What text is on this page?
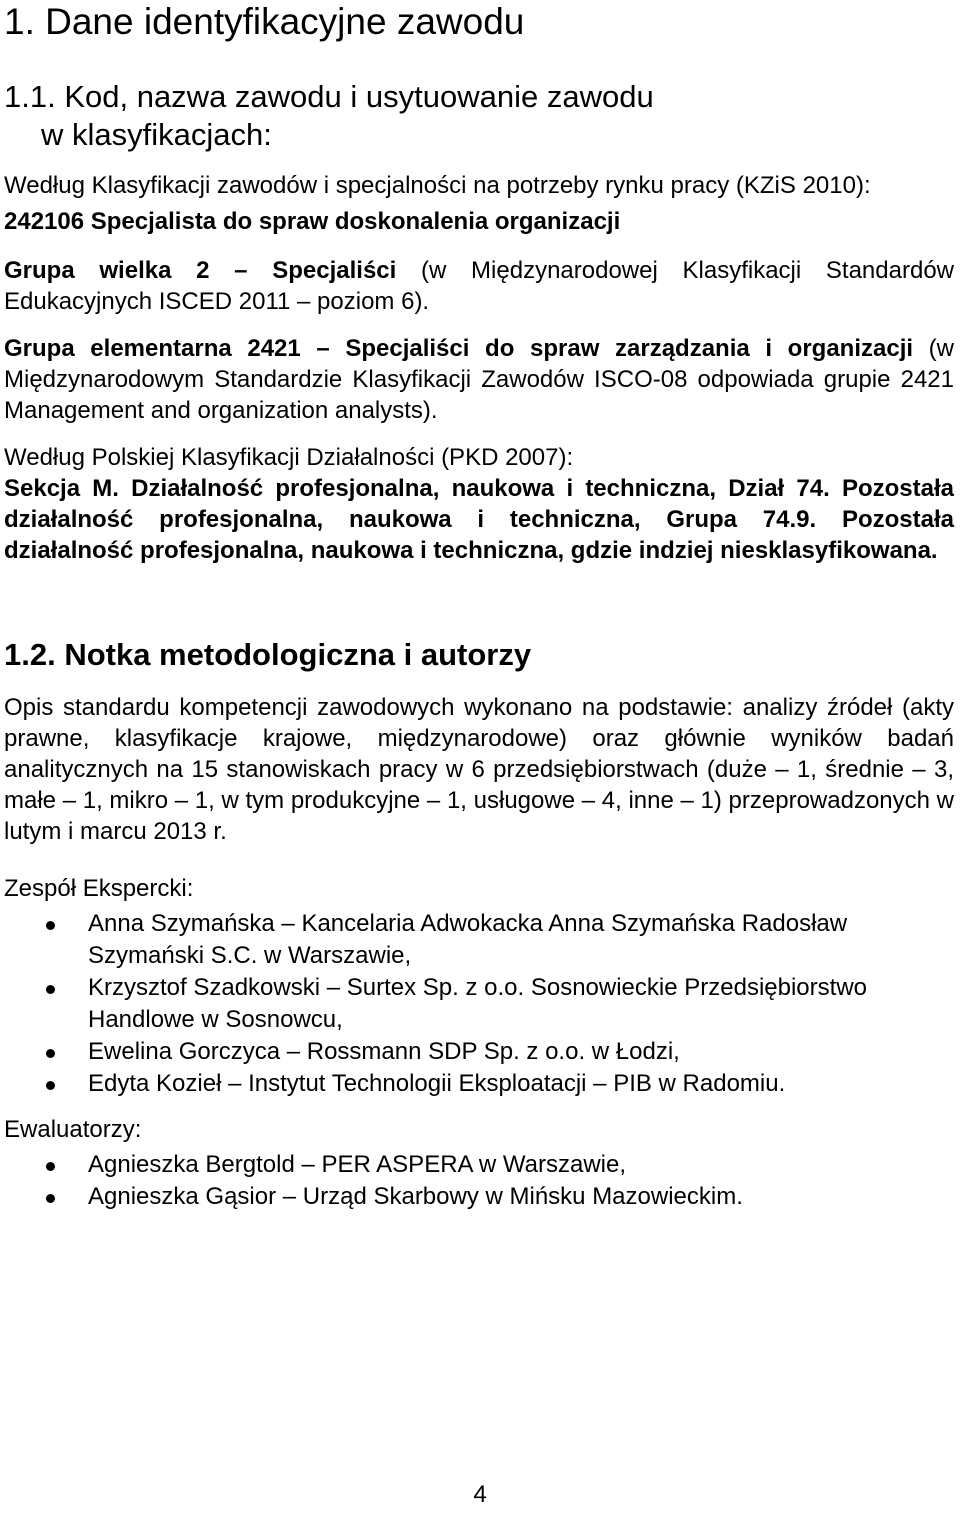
1. Dane identyfikacyjne zawodu
1.1. Kod, nazwa zawodu i usytuowanie zawodu
w klasyfikacjach:

Według Klasyfikacji zawodów i specjalności na potrzeby rynku pracy (KZiS 2010):

242106 Specjalista do spraw doskonalenia organizacji

Grupa wielka 2 – Specjaliści (w Międzynarodowej Klasyfikacji Standardów Edukacyjnych ISCED 2011 – poziom 6).

Grupa elementarna 2421 – Specjaliści do spraw zarządzania i organizacji (w Międzynarodowym Standardzie Klasyfikacji Zawodów ISCO-08 odpowiada grupie 2421 Management and organization analysts).

Według Polskiej Klasyfikacji Działalności (PKD 2007):

Sekcja M. Działalność profesjonalna, naukowa i techniczna, Dział 74. Pozostała działalność profesjonalna, naukowa i techniczna, Grupa 74.9. Pozostała działalność profesjonalna, naukowa i techniczna, gdzie indziej niesklasyfikowana.

1.2. Notka metodologiczna i autorzy

Opis standardu kompetencji zawodowych wykonano na podstawie: analizy źródeł (akty prawne, klasyfikacje krajowe, międzynarodowe) oraz głównie wyników badań analitycznych na 15 stanowiskach pracy w 6 przedsiębiorstwach (duże – 1, średnie – 3, małe – 1, mikro – 1, w tym produkcyjne – 1, usługowe – 4, inne – 1) przeprowadzonych w lutym i marcu 2013 r.

Zespół Ekspercki:

Anna Szymańska – Kancelaria Adwokacka Anna Szymańska Radosław Szymański S.C. w Warszawie,
Krzysztof Szadkowski – Surtex Sp. z o.o. Sosnowieckie Przedsiębiorstwo Handlowe w Sosnowcu,
Ewelina Gorczyca – Rossmann SDP Sp. z o.o. w Łodzi,
Edyta Kozieł – Instytut Technologii Eksploatacji – PIB w Radomiu.

Ewaluatorzy:

Agnieszka Bergtold – PER ASPERA w Warszawie,
Agnieszka Gąsior – Urząd Skarbowy w Mińsku Mazowieckim.
4
